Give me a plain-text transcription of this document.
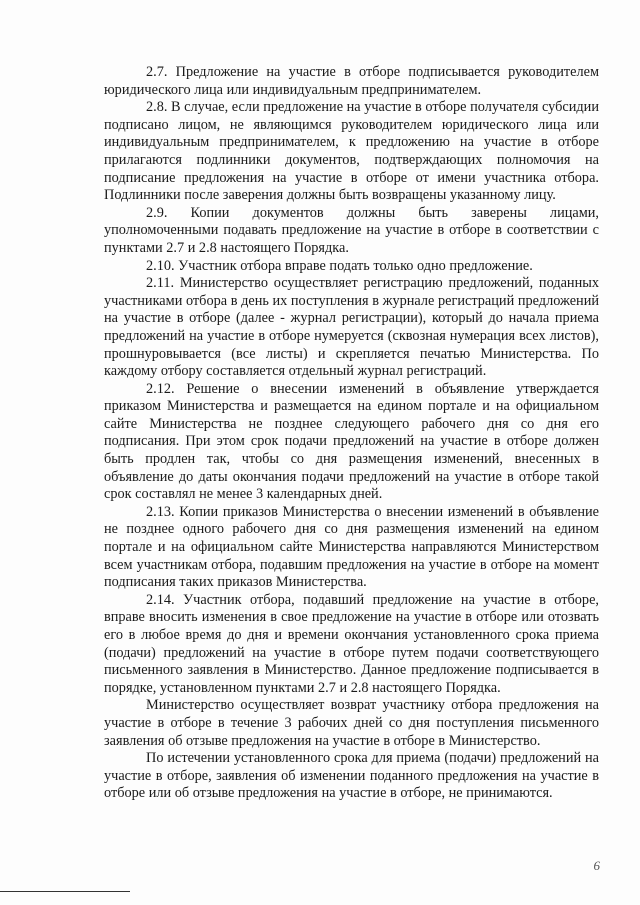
2.7. Предложение на участие в отборе подписывается руководителем юридического лица или индивидуальным предпринимателем.

2.8. В случае, если предложение на участие в отборе получателя субсидии подписано лицом, не являющимся руководителем юридического лица или индивидуальным предпринимателем, к предложению на участие в отборе прилагаются подлинники документов, подтверждающих полномочия на подписание предложения на участие в отборе от имени участника отбора. Подлинники после заверения должны быть возвращены указанному лицу.

2.9. Копии документов должны быть заверены лицами, уполномоченными подавать предложение на участие в отборе в соответствии с пунктами 2.7 и 2.8 настоящего Порядка.

2.10. Участник отбора вправе подать только одно предложение.

2.11. Министерство осуществляет регистрацию предложений, поданных участниками отбора в день их поступления в журнале регистраций предложений на участие в отборе (далее - журнал регистрации), который до начала приема предложений на участие в отборе нумеруется (сквозная нумерация всех листов), прошнуровывается (все листы) и скрепляется печатью Министерства. По каждому отбору составляется отдельный журнал регистраций.

2.12. Решение о внесении изменений в объявление утверждается приказом Министерства и размещается на едином портале и на официальном сайте Министерства не позднее следующего рабочего дня со дня его подписания. При этом срок подачи предложений на участие в отборе должен быть продлен так, чтобы со дня размещения изменений, внесенных в объявление до даты окончания подачи предложений на участие в отборе такой срок составлял не менее 3 календарных дней.

2.13. Копии приказов Министерства о внесении изменений в объявление не позднее одного рабочего дня со дня размещения изменений на едином портале и на официальном сайте Министерства направляются Министерством всем участникам отбора, подавшим предложения на участие в отборе на момент подписания таких приказов Министерства.

2.14. Участник отбора, подавший предложение на участие в отборе, вправе вносить изменения в свое предложение на участие в отборе или отозвать его в любое время до дня и времени окончания установленного срока приема (подачи) предложений на участие в отборе путем подачи соответствующего письменного заявления в Министерство. Данное предложение подписывается в порядке, установленном пунктами 2.7 и 2.8 настоящего Порядка.

Министерство осуществляет возврат участнику отбора предложения на участие в отборе в течение 3 рабочих дней со дня поступления письменного заявления об отзыве предложения на участие в отборе в Министерство.

По истечении установленного срока для приема (подачи) предложений на участие в отборе, заявления об изменении поданного предложения на участие в отборе или об отзыве предложения на участие в отборе, не принимаются.

6
